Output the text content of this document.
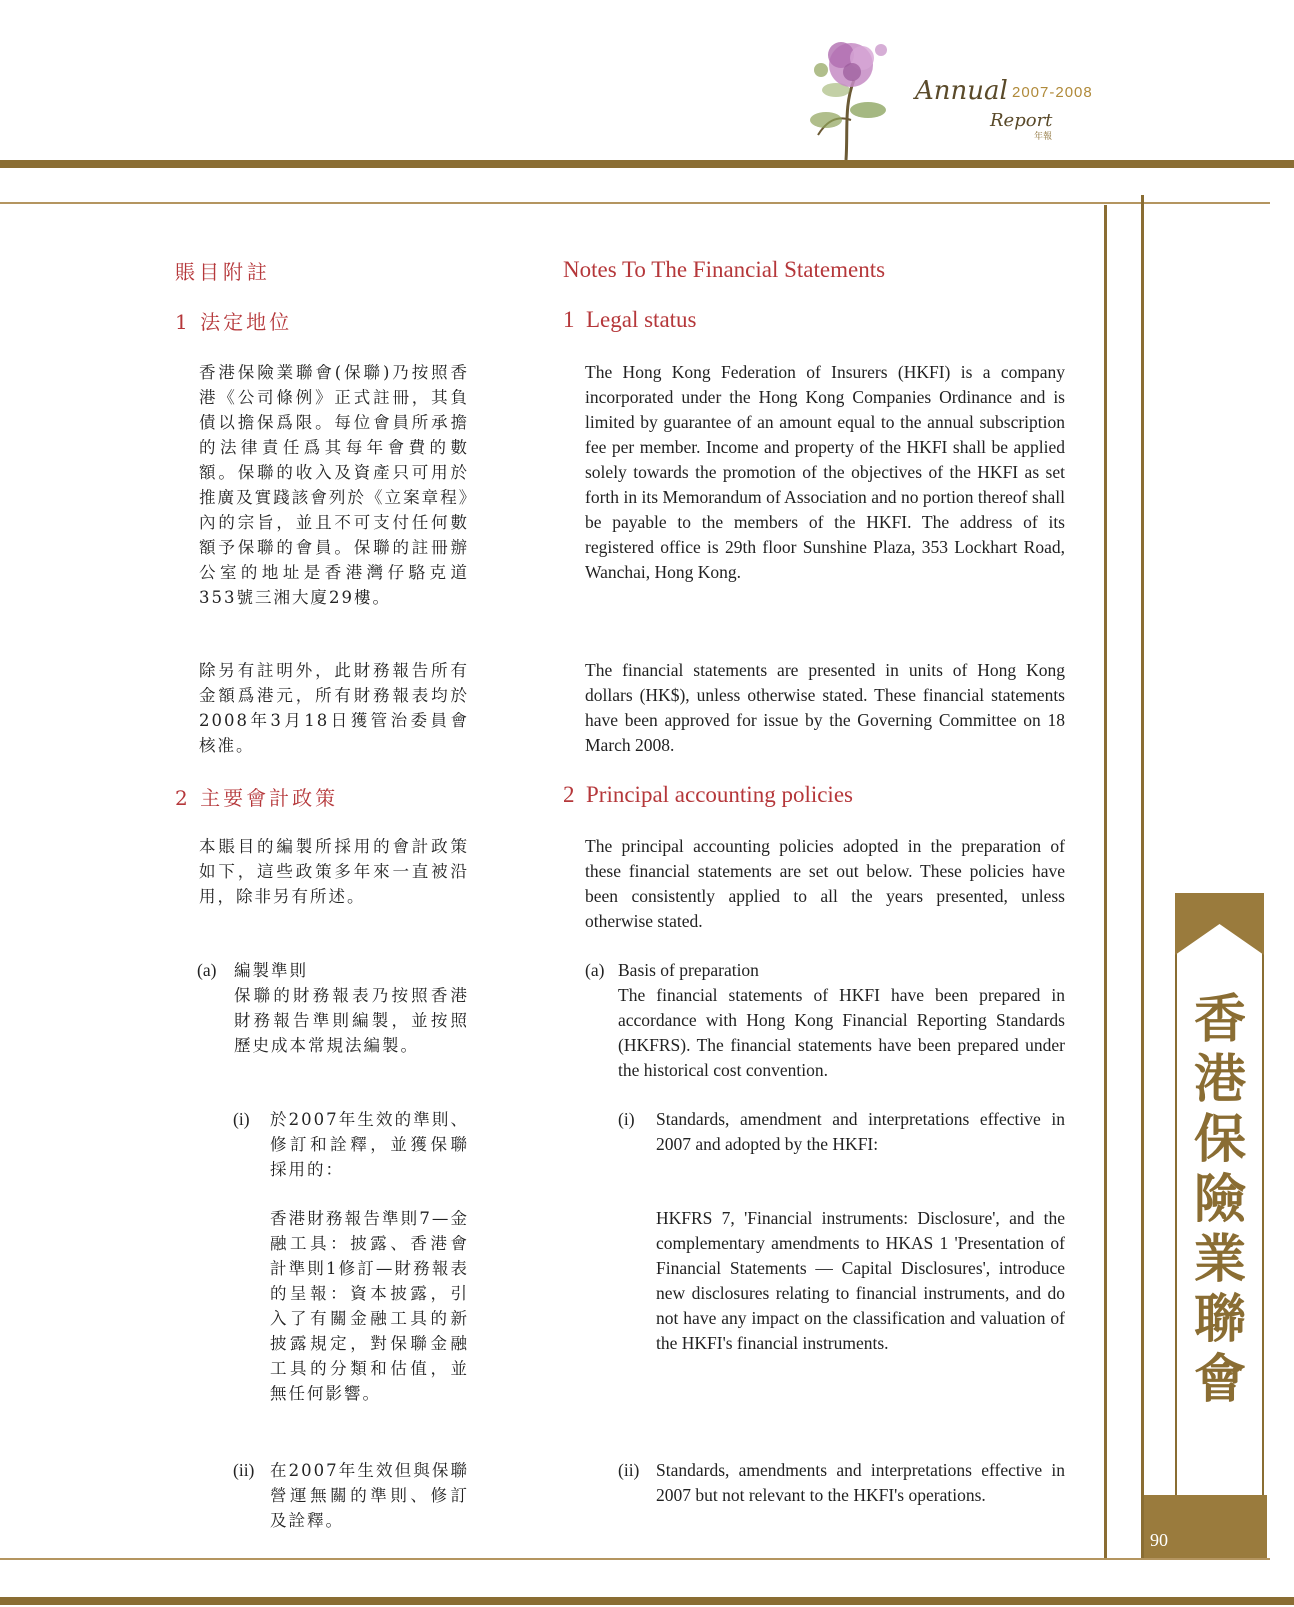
Annual 2007-2008
Report
年報
賬目附註
1 法定地位
香港保險業聯會(保聯)乃按照香港《公司條例》正式註冊，其負債以擔保爲限。每位會員所承擔的法律責任爲其每年會費的數額。保聯的收入及資產只可用於推廣及實踐該會列於《立案章程》內的宗旨，並且不可支付任何數額予保聯的會員。保聯的註冊辦公室的地址是香港灣仔駱克道353號三湘大廈29樓。
除另有註明外，此財務報告所有金額爲港元，所有財務報表均於2008年3月18日獲管治委員會核准。
2 主要會計政策
本賬目的編製所採用的會計政策如下，這些政策多年來一直被沿用，除非另有所述。
(a) 編製準則
保聯的財務報表乃按照香港財務報告準則編製，並按照歷史成本常規法編製。
(i) 於2007年生效的準則、修訂和詮釋，並獲保聯採用的：
香港財務報告準則7—金融工具：披露、香港會計準則1修訂—財務報表的呈報：資本披露，引入了有關金融工具的新披露規定，對保聯金融工具的分類和估值，並無任何影響。
(ii) 在2007年生效但與保聯營運無關的準則、修訂及詮釋。
Notes To The Financial Statements
1  Legal status
The Hong Kong Federation of Insurers (HKFI) is a company incorporated under the Hong Kong Companies Ordinance and is limited by guarantee of an amount equal to the annual subscription fee per member. Income and property of the HKFI shall be applied solely towards the promotion of the objectives of the HKFI as set forth in its Memorandum of Association and no portion thereof shall be payable to the members of the HKFI. The address of its registered office is 29th floor Sunshine Plaza, 353 Lockhart Road, Wanchai, Hong Kong.
The financial statements are presented in units of Hong Kong dollars (HK$), unless otherwise stated. These financial statements have been approved for issue by the Governing Committee on 18 March 2008.
2  Principal accounting policies
The principal accounting policies adopted in the preparation of these financial statements are set out below. These policies have been consistently applied to all the years presented, unless otherwise stated.
(a) Basis of preparation
The financial statements of HKFI have been prepared in accordance with Hong Kong Financial Reporting Standards (HKFRS). The financial statements have been prepared under the historical cost convention.
(i) Standards, amendment and interpretations effective in 2007 and adopted by the HKFI:
HKFRS 7, 'Financial instruments: Disclosure', and the complementary amendments to HKAS 1 'Presentation of Financial Statements — Capital Disclosures', introduce new disclosures relating to financial instruments, and do not have any impact on the classification and valuation of the HKFI's financial instruments.
(ii) Standards, amendments and interpretations effective in 2007 but not relevant to the HKFI's operations.
香港保險業聯會
90
